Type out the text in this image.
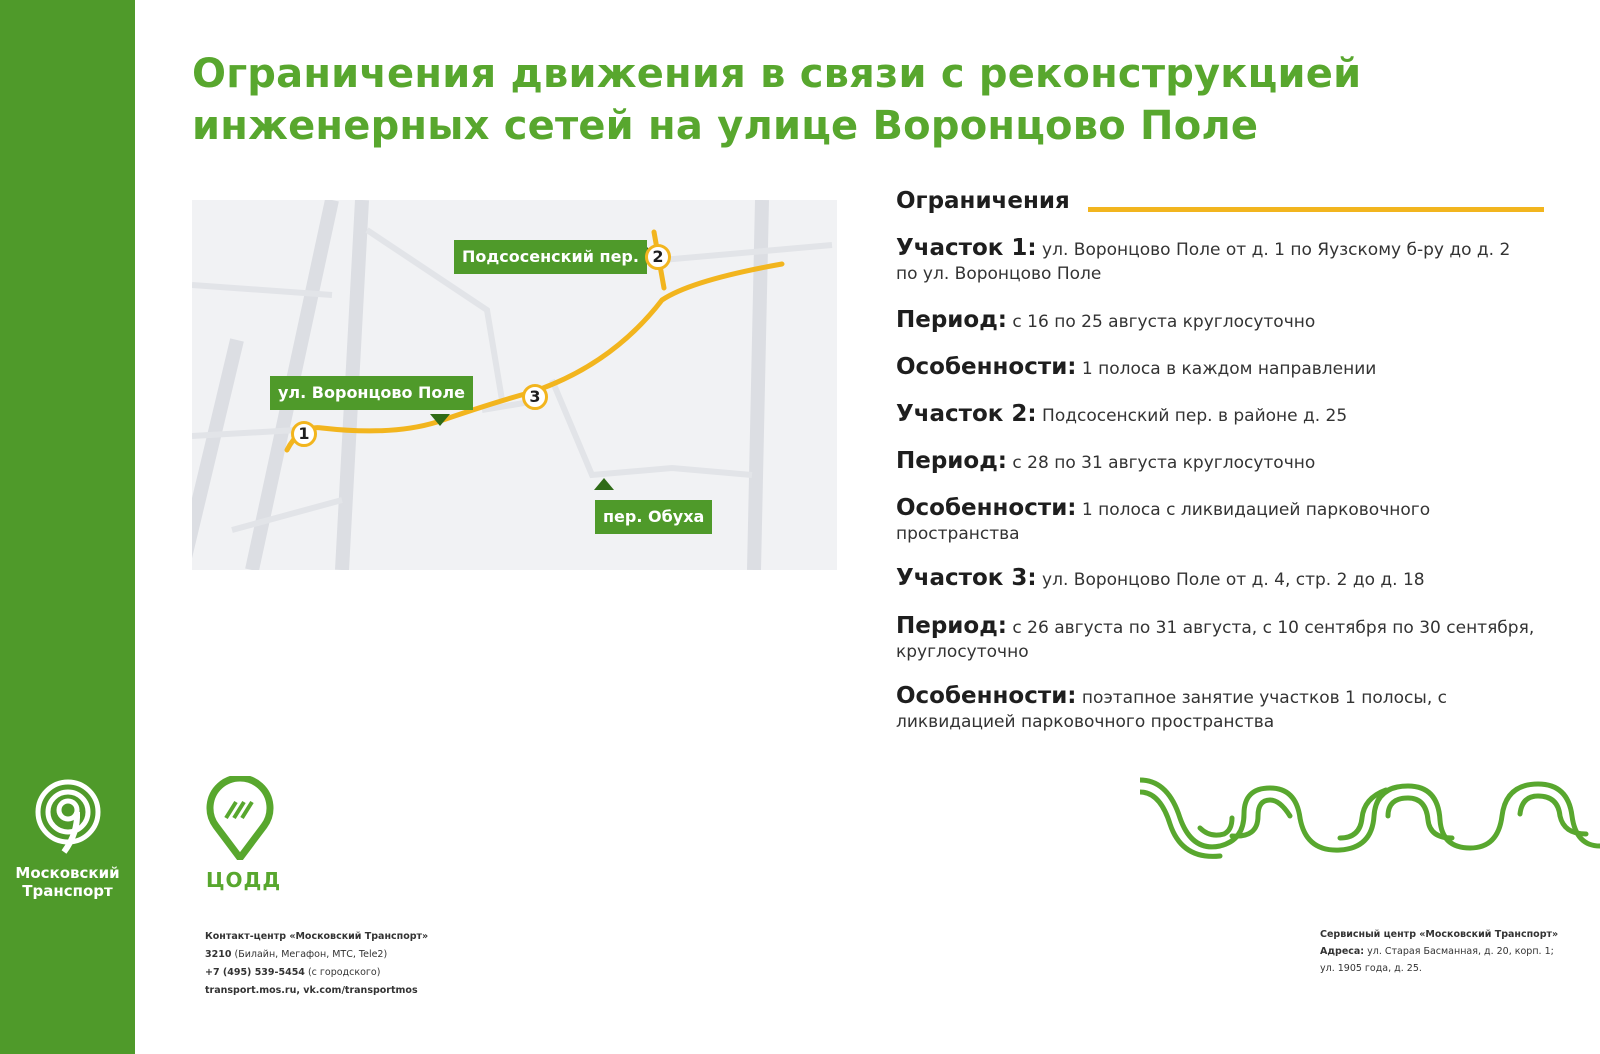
Московский
Транспорт
Ограничения движения в связи с реконструкцией
инженерных сетей на улице Воронцово Поле
Подсосенский пер.
ул. Воронцово Поле
пер. Обуха
1
2
3
Ограничения
Участок 1: ул. Воронцово Поле от д. 1 по Яузскому б-ру до д. 2 по ул. Воронцово Поле
Период: с 16 по 25 августа круглосуточно
Особенности: 1 полоса в каждом направлении
Участок 2: Подсосенский пер. в районе д. 25
Период: с 28 по 31 августа круглосуточно
Особенности: 1 полоса с ликвидацией парковочного пространства
Участок 3: ул. Воронцово Поле от д. 4, стр. 2 до д. 18
Период: с 26 августа по 31 августа, с 10 сентября по 30 сентября, круглосуточно
Особенности: поэтапное занятие участков 1 полосы, с ликвидацией парковочного пространства
ЦОДД
Контакт-центр «Московский Транспорт»
3210 (Билайн, Мегафон, МТС, Tele2)
+7 (495) 539-5454 (с городского)
transport.mos.ru, vk.com/transportmos
Сервисный центр «Московский Транспорт»
Адреса: ул. Старая Басманная, д. 20, корп. 1;
ул. 1905 года, д. 25.
